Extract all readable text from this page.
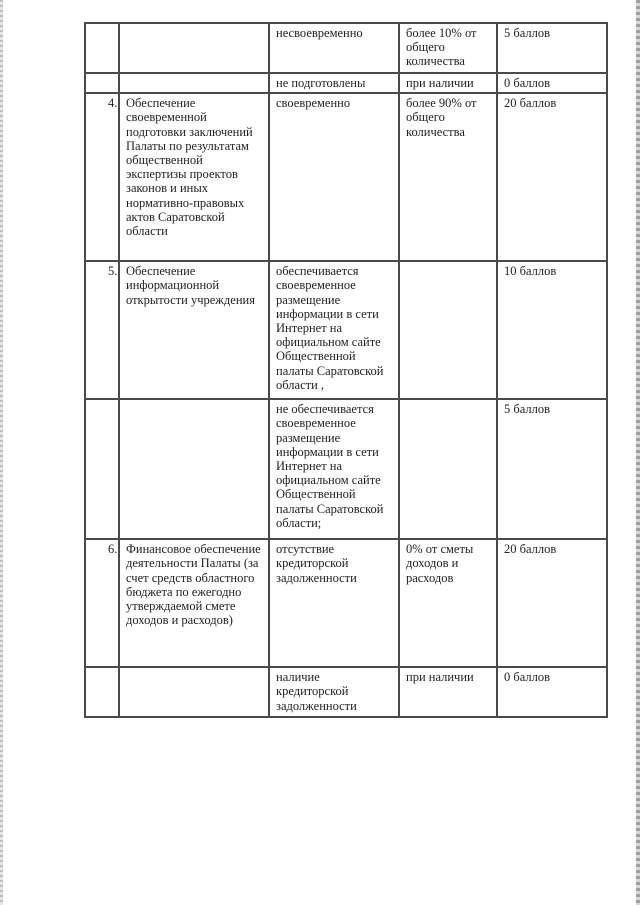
		несвоевременно	более 10% от общего количества	5 баллов
		не подготовлены	при наличии	0 баллов
4.	Обеспечение своевременной подготовки заключений Палаты по результатам общественной экспертизы проектов законов и иных нормативно-правовых актов Саратовской области	своевременно	более 90% от общего количества	20 баллов
5.	Обеспечение информационной открытости учреждения	обеспечивается своевременное размещение информации в сети Интернет на официальном сайте Общественной палаты Саратовской области ,		10 баллов
		не обеспечивается своевременное размещение информации в сети Интернет на официальном сайте Общественной палаты Саратовской области;		5 баллов
6.	Финансовое обеспечение деятельности Палаты (за счет средств областного бюджета по ежегодно утверждаемой смете доходов и расходов)	отсутствие кредиторской задолженности	0% от сметы доходов и расходов	20 баллов
		наличие кредиторской задолженности	при наличии	0 баллов
